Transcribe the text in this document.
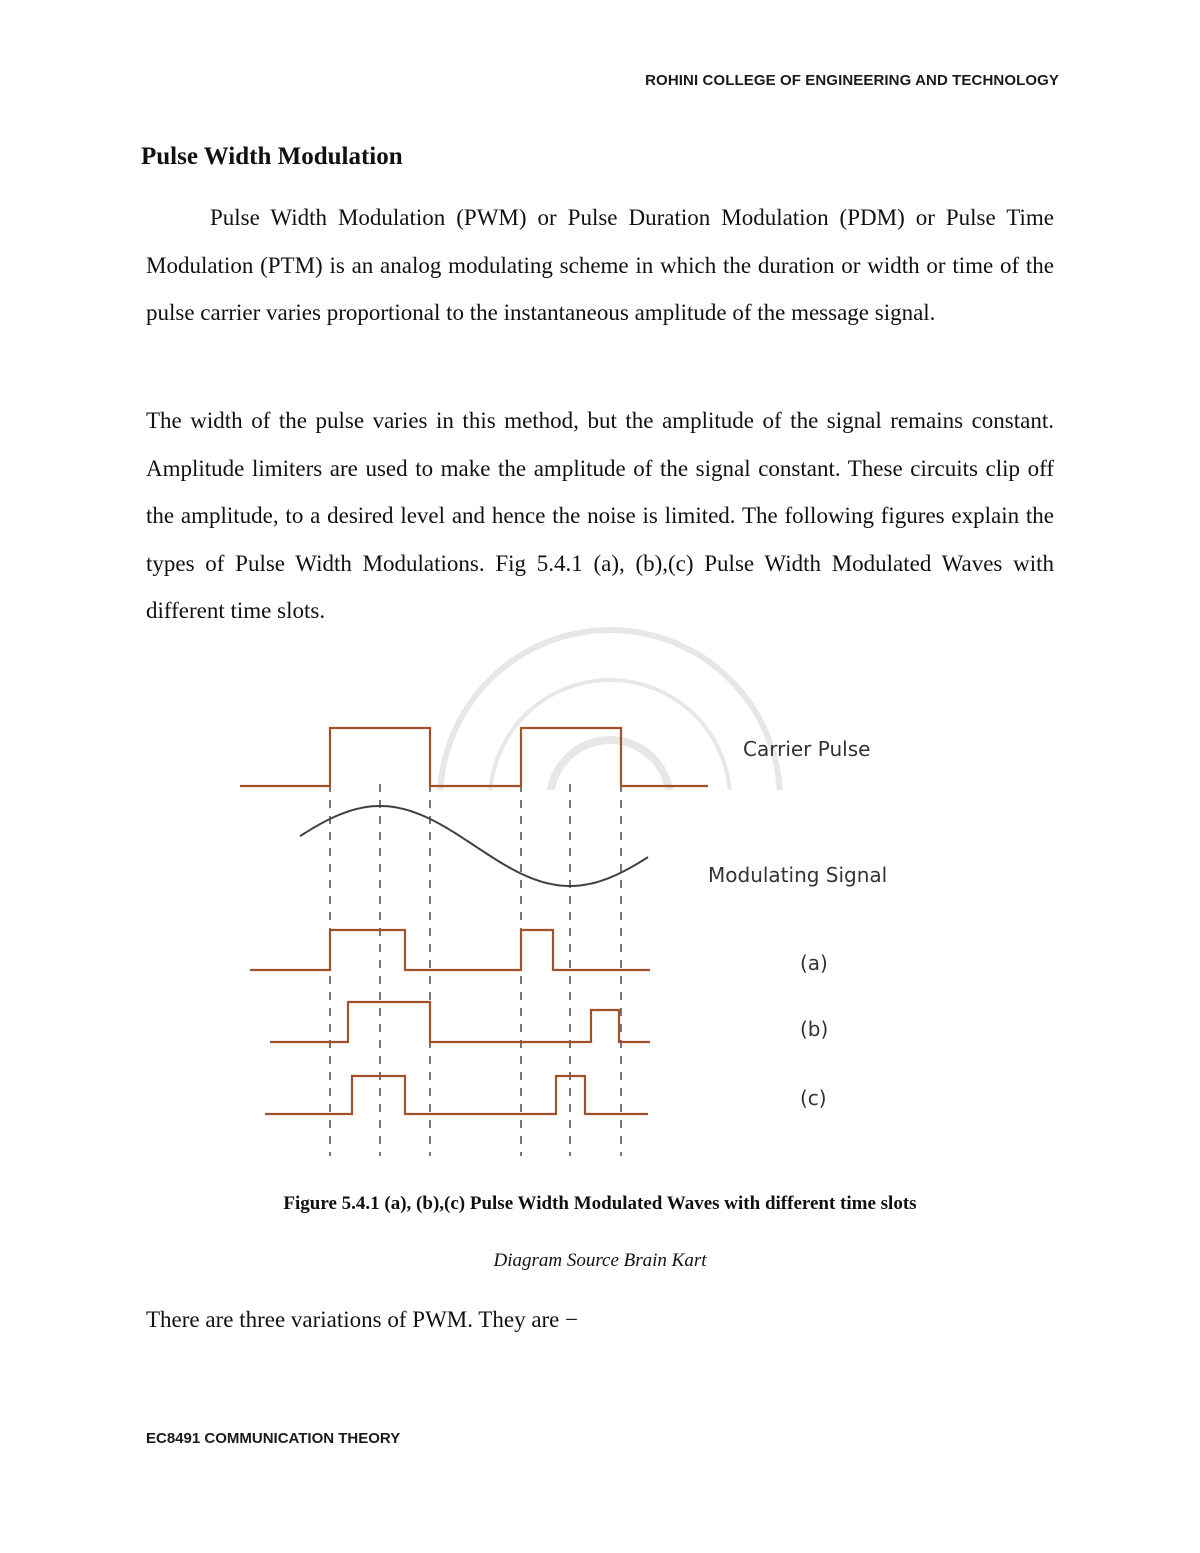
ROHINI COLLEGE OF ENGINEERING AND TECHNOLOGY
Pulse Width Modulation

Pulse Width Modulation (PWM) or Pulse Duration Modulation (PDM) or Pulse Time Modulation (PTM) is an analog modulating scheme in which the duration or width or time of the pulse carrier varies proportional to the instantaneous amplitude of the message signal.

The width of the pulse varies in this method, but the amplitude of the signal remains constant. Amplitude limiters are used to make the amplitude of the signal constant. These circuits clip off the amplitude, to a desired level and hence the noise is limited. The following figures explain the types of Pulse Width Modulations. Fig 5.4.1 (a), (b),(c) Pulse Width Modulated Waves with different time slots.

Carrier Pulse
Modulating Signal
(a)
(b)
(c)
Figure 5.4.1 (a), (b),(c) Pulse Width Modulated Waves with different time slots
Diagram Source Brain Kart

There are three variations of PWM. They are −

EC8491 COMMUNICATION THEORY
